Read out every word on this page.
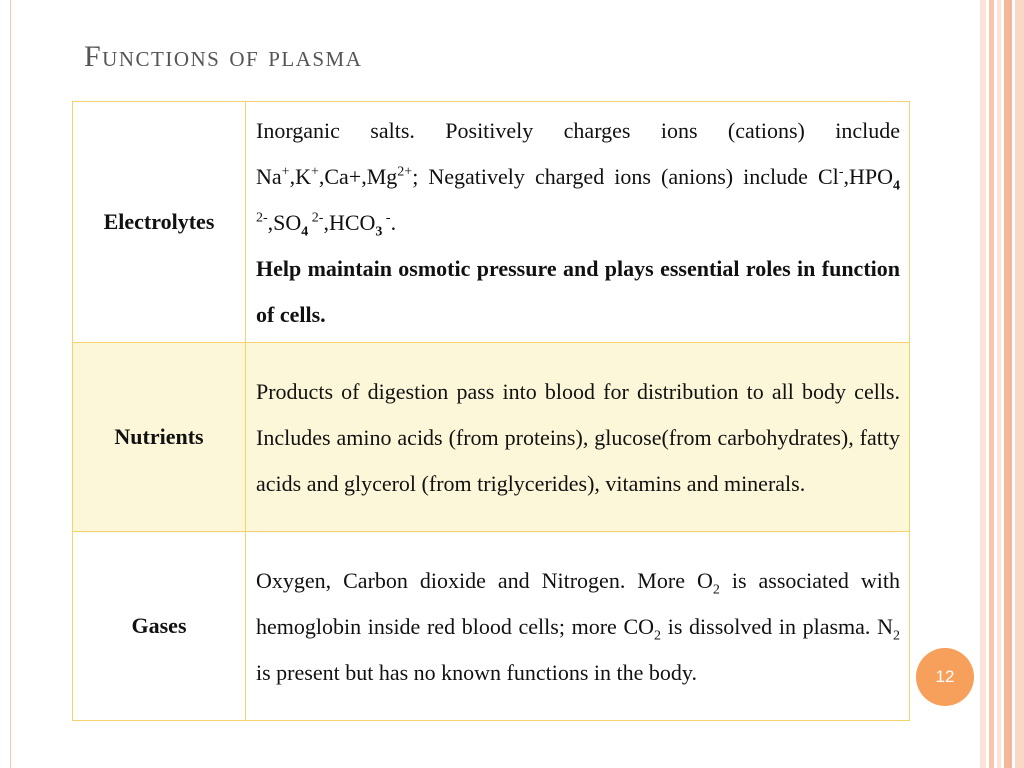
Functions of plasma
Electrolytes	Inorganic salts. Positively charges ions (cations) include $Na^+,K^+,Ca+,Mg^{2+}$; Negatively charged ions (anions) include $Cl^-,HPO_4$ $^{2-},SO_4$ $^{2-},HCO_3$ -.
Help maintain osmotic pressure and plays essential roles in function of cells.
Nutrients	Products of digestion pass into blood for distribution to all body cells. Includes amino acids (from proteins), glucose(from carbohydrates), fatty acids and glycerol (from triglycerides), vitamins and minerals.
Gases	Oxygen, Carbon dioxide and Nitrogen. More $O_2$ is associated with hemoglobin inside red blood cells; more $CO_2$ is dissolved in plasma. $N_2$ is present but has no known functions in the body.	12
